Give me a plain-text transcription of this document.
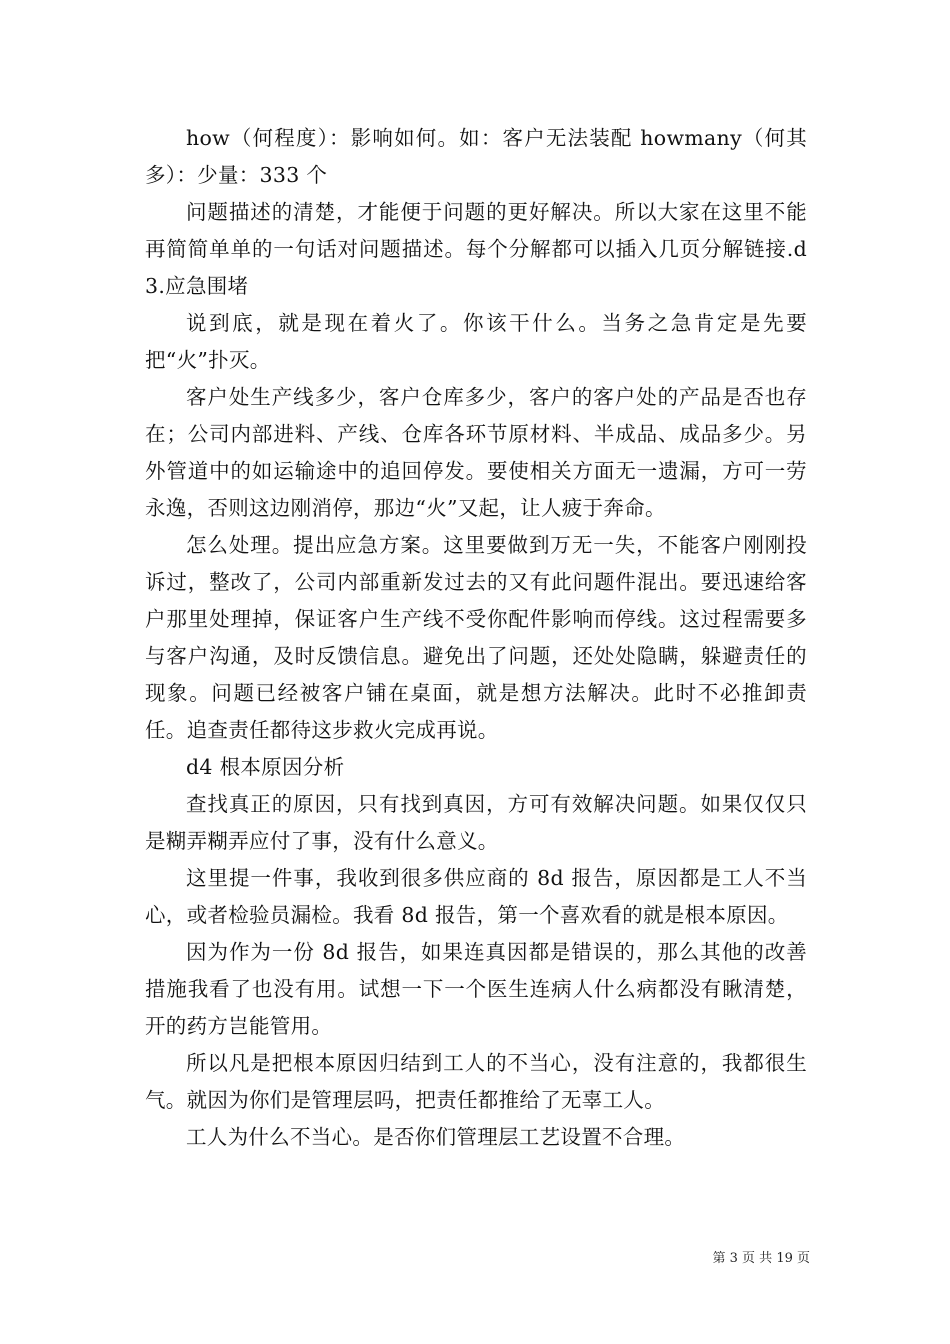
how（何程度）：影响如何。如：客户无法装配 howmany（何其多）：少量：333 个

问题描述的清楚，才能便于问题的更好解决。所以大家在这里不能再简简单单的一句话对问题描述。每个分解都可以插入几页分解链接.d3.应急围堵

说到底，就是现在着火了。你该干什么。当务之急肯定是先要把“火”扑灭。

客户处生产线多少，客户仓库多少，客户的客户处的产品是否也存在；公司内部进料、产线、仓库各环节原材料、半成品、成品多少。另外管道中的如运输途中的追回停发。要使相关方面无一遗漏，方可一劳永逸，否则这边刚消停，那边“火”又起，让人疲于奔命。

怎么处理。提出应急方案。这里要做到万无一失，不能客户刚刚投诉过，整改了，公司内部重新发过去的又有此问题件混出。要迅速给客户那里处理掉，保证客户生产线不受你配件影响而停线。这过程需要多与客户沟通，及时反馈信息。避免出了问题，还处处隐瞒，躲避责任的现象。问题已经被客户铺在桌面，就是想方法解决。此时不必推卸责任。追查责任都待这步救火完成再说。

d4 根本原因分析

查找真正的原因，只有找到真因，方可有效解决问题。如果仅仅只是糊弄糊弄应付了事，没有什么意义。

这里提一件事，我收到很多供应商的 8d 报告，原因都是工人不当心，或者检验员漏检。我看 8d 报告，第一个喜欢看的就是根本原因。

因为作为一份 8d 报告，如果连真因都是错误的，那么其他的改善措施我看了也没有用。试想一下一个医生连病人什么病都没有瞅清楚，开的药方岂能管用。

所以凡是把根本原因归结到工人的不当心，没有注意的，我都很生气。就因为你们是管理层吗，把责任都推给了无辜工人。

工人为什么不当心。是否你们管理层工艺设置不合理。

第 3 页 共 19 页
